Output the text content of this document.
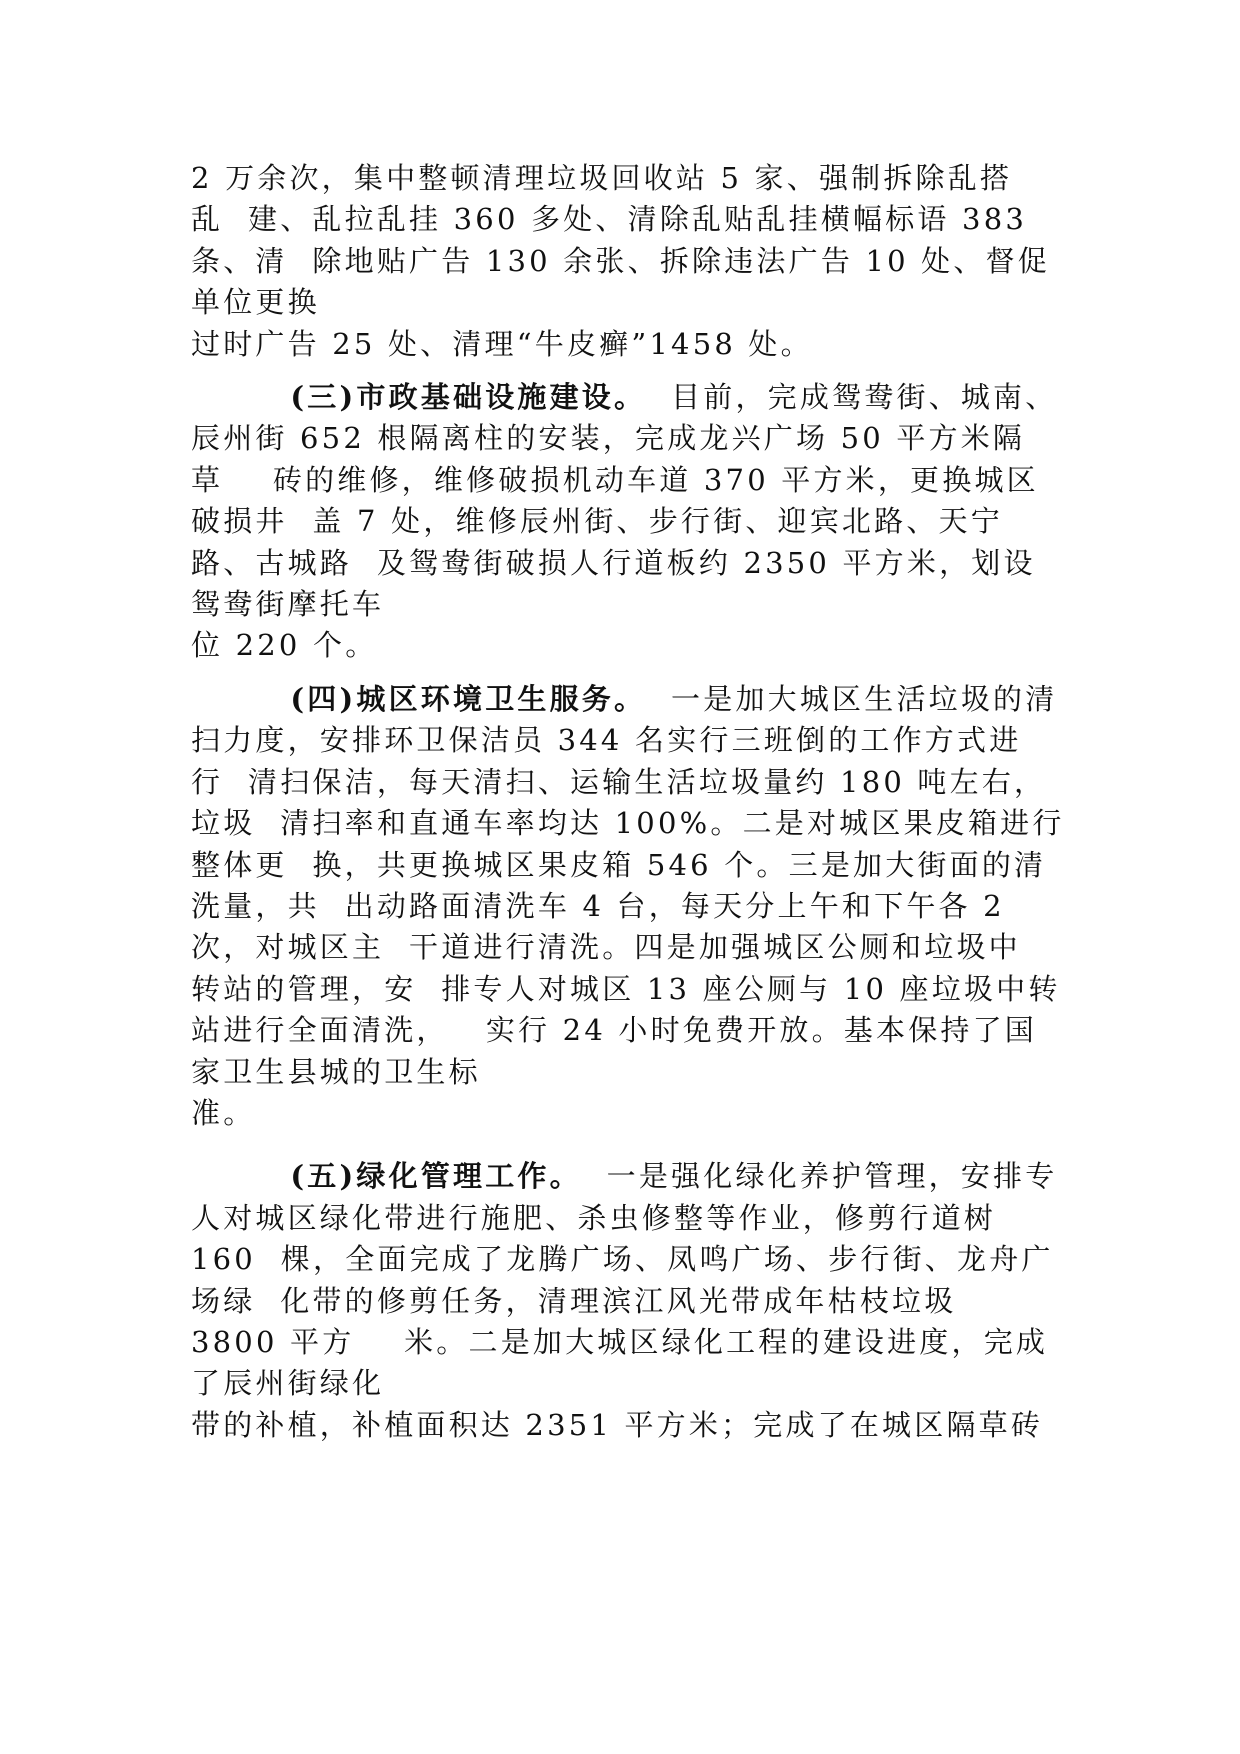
2 万余次，集中整顿清理垃圾回收站 5 家、强制拆除乱搭

乱  建、乱拉乱挂 360 多处、清除乱贴乱挂横幅标语 383

条、清  除地贴广告 130 余张、拆除违法广告 10 处、督促

单位更换

过时广告 25 处、清理“牛皮癣”1458 处。

(三)市政基础设施建设。  目前，完成鸳鸯街、城南、

辰州街 652 根隔离柱的安装，完成龙兴广场 50 平方米隔

草    砖的维修，维修破损机动车道 370 平方米，更换城区

破损井  盖 7 处，维修辰州街、步行街、迎宾北路、天宁

路、古城路  及鸳鸯街破损人行道板约 2350 平方米，划设

鸳鸯街摩托车

位 220 个。

(四)城区环境卫生服务。  一是加大城区生活垃圾的清

扫力度，安排环卫保洁员 344 名实行三班倒的工作方式进

行  清扫保洁，每天清扫、运输生活垃圾量约 180 吨左右，

垃圾  清扫率和直通车率均达 100%。二是对城区果皮箱进行

整体更  换，共更换城区果皮箱 546 个。三是加大街面的清

洗量，共  出动路面清洗车 4 台，每天分上午和下午各 2

次，对城区主  干道进行清洗。四是加强城区公厕和垃圾中

转站的管理，安  排专人对城区 13 座公厕与 10 座垃圾中转

站进行全面清洗，   实行 24 小时免费开放。基本保持了国

家卫生县城的卫生标

准。

(五)绿化管理工作。  一是强化绿化养护管理，安排专

人对城区绿化带进行施肥、杀虫修整等作业，修剪行道树

160  棵，全面完成了龙腾广场、凤鸣广场、步行街、龙舟广

场绿  化带的修剪任务，清理滨江风光带成年枯枝垃圾

3800 平方    米。二是加大城区绿化工程的建设进度，完成

了辰州街绿化

带的补植，补植面积达 2351 平方米；完成了在城区隔草砖
